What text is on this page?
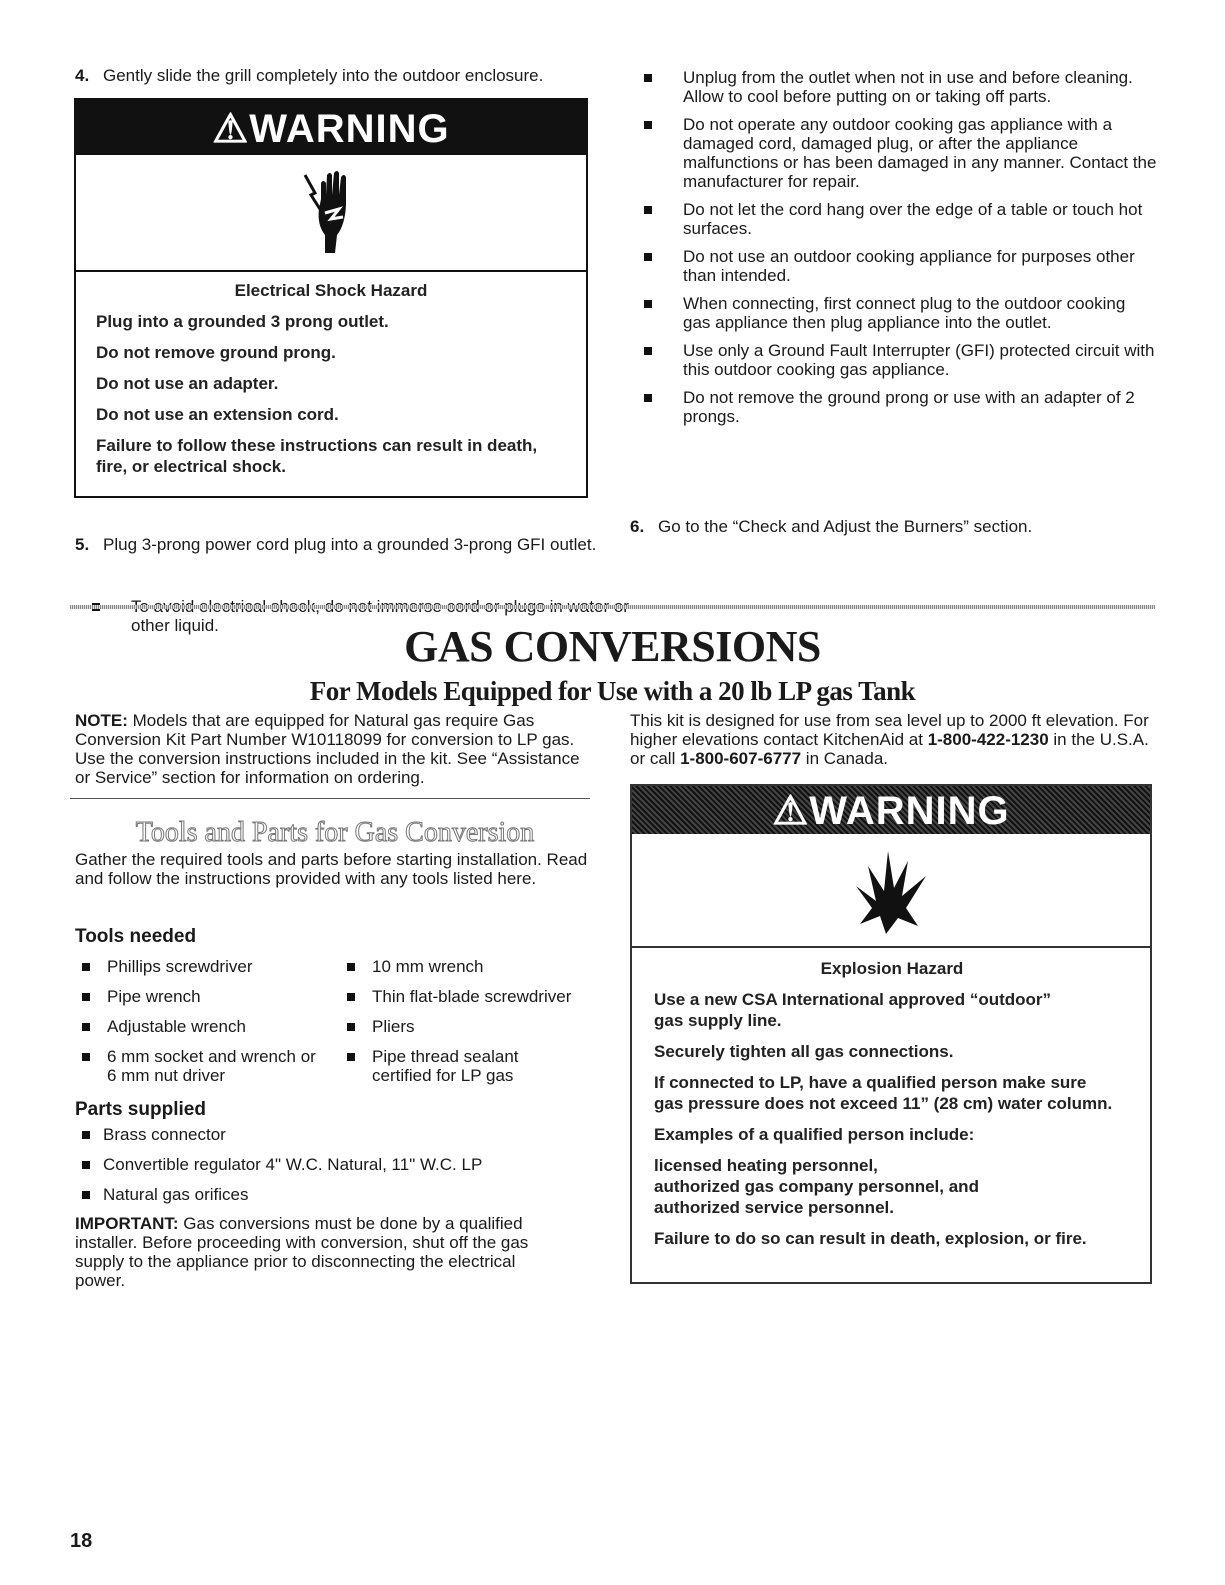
4. Gently slide the grill completely into the outdoor enclosure.
⚠WARNING
Electrical Shock Hazard
Plug into a grounded 3 prong outlet.
Do not remove ground prong.
Do not use an adapter.
Do not use an extension cord.
Failure to follow these instructions can result in death, fire, or electrical shock.
5. Plug 3-prong power cord plug into a grounded 3-prong GFI outlet.
other liquid.
Unplug from the outlet when not in use and before cleaning. Allow to cool before putting on or taking off parts.
Do not operate any outdoor cooking gas appliance with a damaged cord, damaged plug, or after the appliance malfunctions or has been damaged in any manner. Contact the manufacturer for repair.
Do not let the cord hang over the edge of a table or touch hot surfaces.
Do not use an outdoor cooking appliance for purposes other than intended.
When connecting, first connect plug to the outdoor cooking gas appliance then plug appliance into the outlet.
Use only a Ground Fault Interrupter (GFI) protected circuit with this outdoor cooking gas appliance.
Do not remove the ground prong or use with an adapter of 2 prongs.
6. Go to the “Check and Adjust the Burners” section.
GAS CONVERSIONS
For Models Equipped for Use with a 20 lb LP gas Tank
NOTE: Models that are equipped for Natural gas require Gas Conversion Kit Part Number W10118099 for conversion to LP gas. Use the conversion instructions included in the kit. See “Assistance or Service” section for information on ordering.
Tools and Parts for Gas Conversion
Gather the required tools and parts before starting installation. Read and follow the instructions provided with any tools listed here.
Tools needed
Phillips screwdriver
Pipe wrench
Adjustable wrench
6 mm socket and wrench or 6 mm nut driver
10 mm wrench
Thin flat-blade screwdriver
Pliers
Pipe thread sealant certified for LP gas
Parts supplied
Brass connector
Convertible regulator 4" W.C. Natural, 11" W.C. LP
Natural gas orifices
IMPORTANT: Gas conversions must be done by a qualified installer. Before proceeding with conversion, shut off the gas supply to the appliance prior to disconnecting the electrical power.
This kit is designed for use from sea level up to 2000 ft elevation. For higher elevations contact KitchenAid at 1-800-422-1230 in the U.S.A. or call 1-800-607-6777 in Canada.
⚠WARNING
Explosion Hazard
Use a new CSA International approved “outdoor” gas supply line.
Securely tighten all gas connections.
If connected to LP, have a qualified person make sure gas pressure does not exceed 11” (28 cm) water column.
Examples of a qualified person include:
licensed heating personnel,
authorized gas company personnel, and
authorized service personnel.
Failure to do so can result in death, explosion, or fire.
18
